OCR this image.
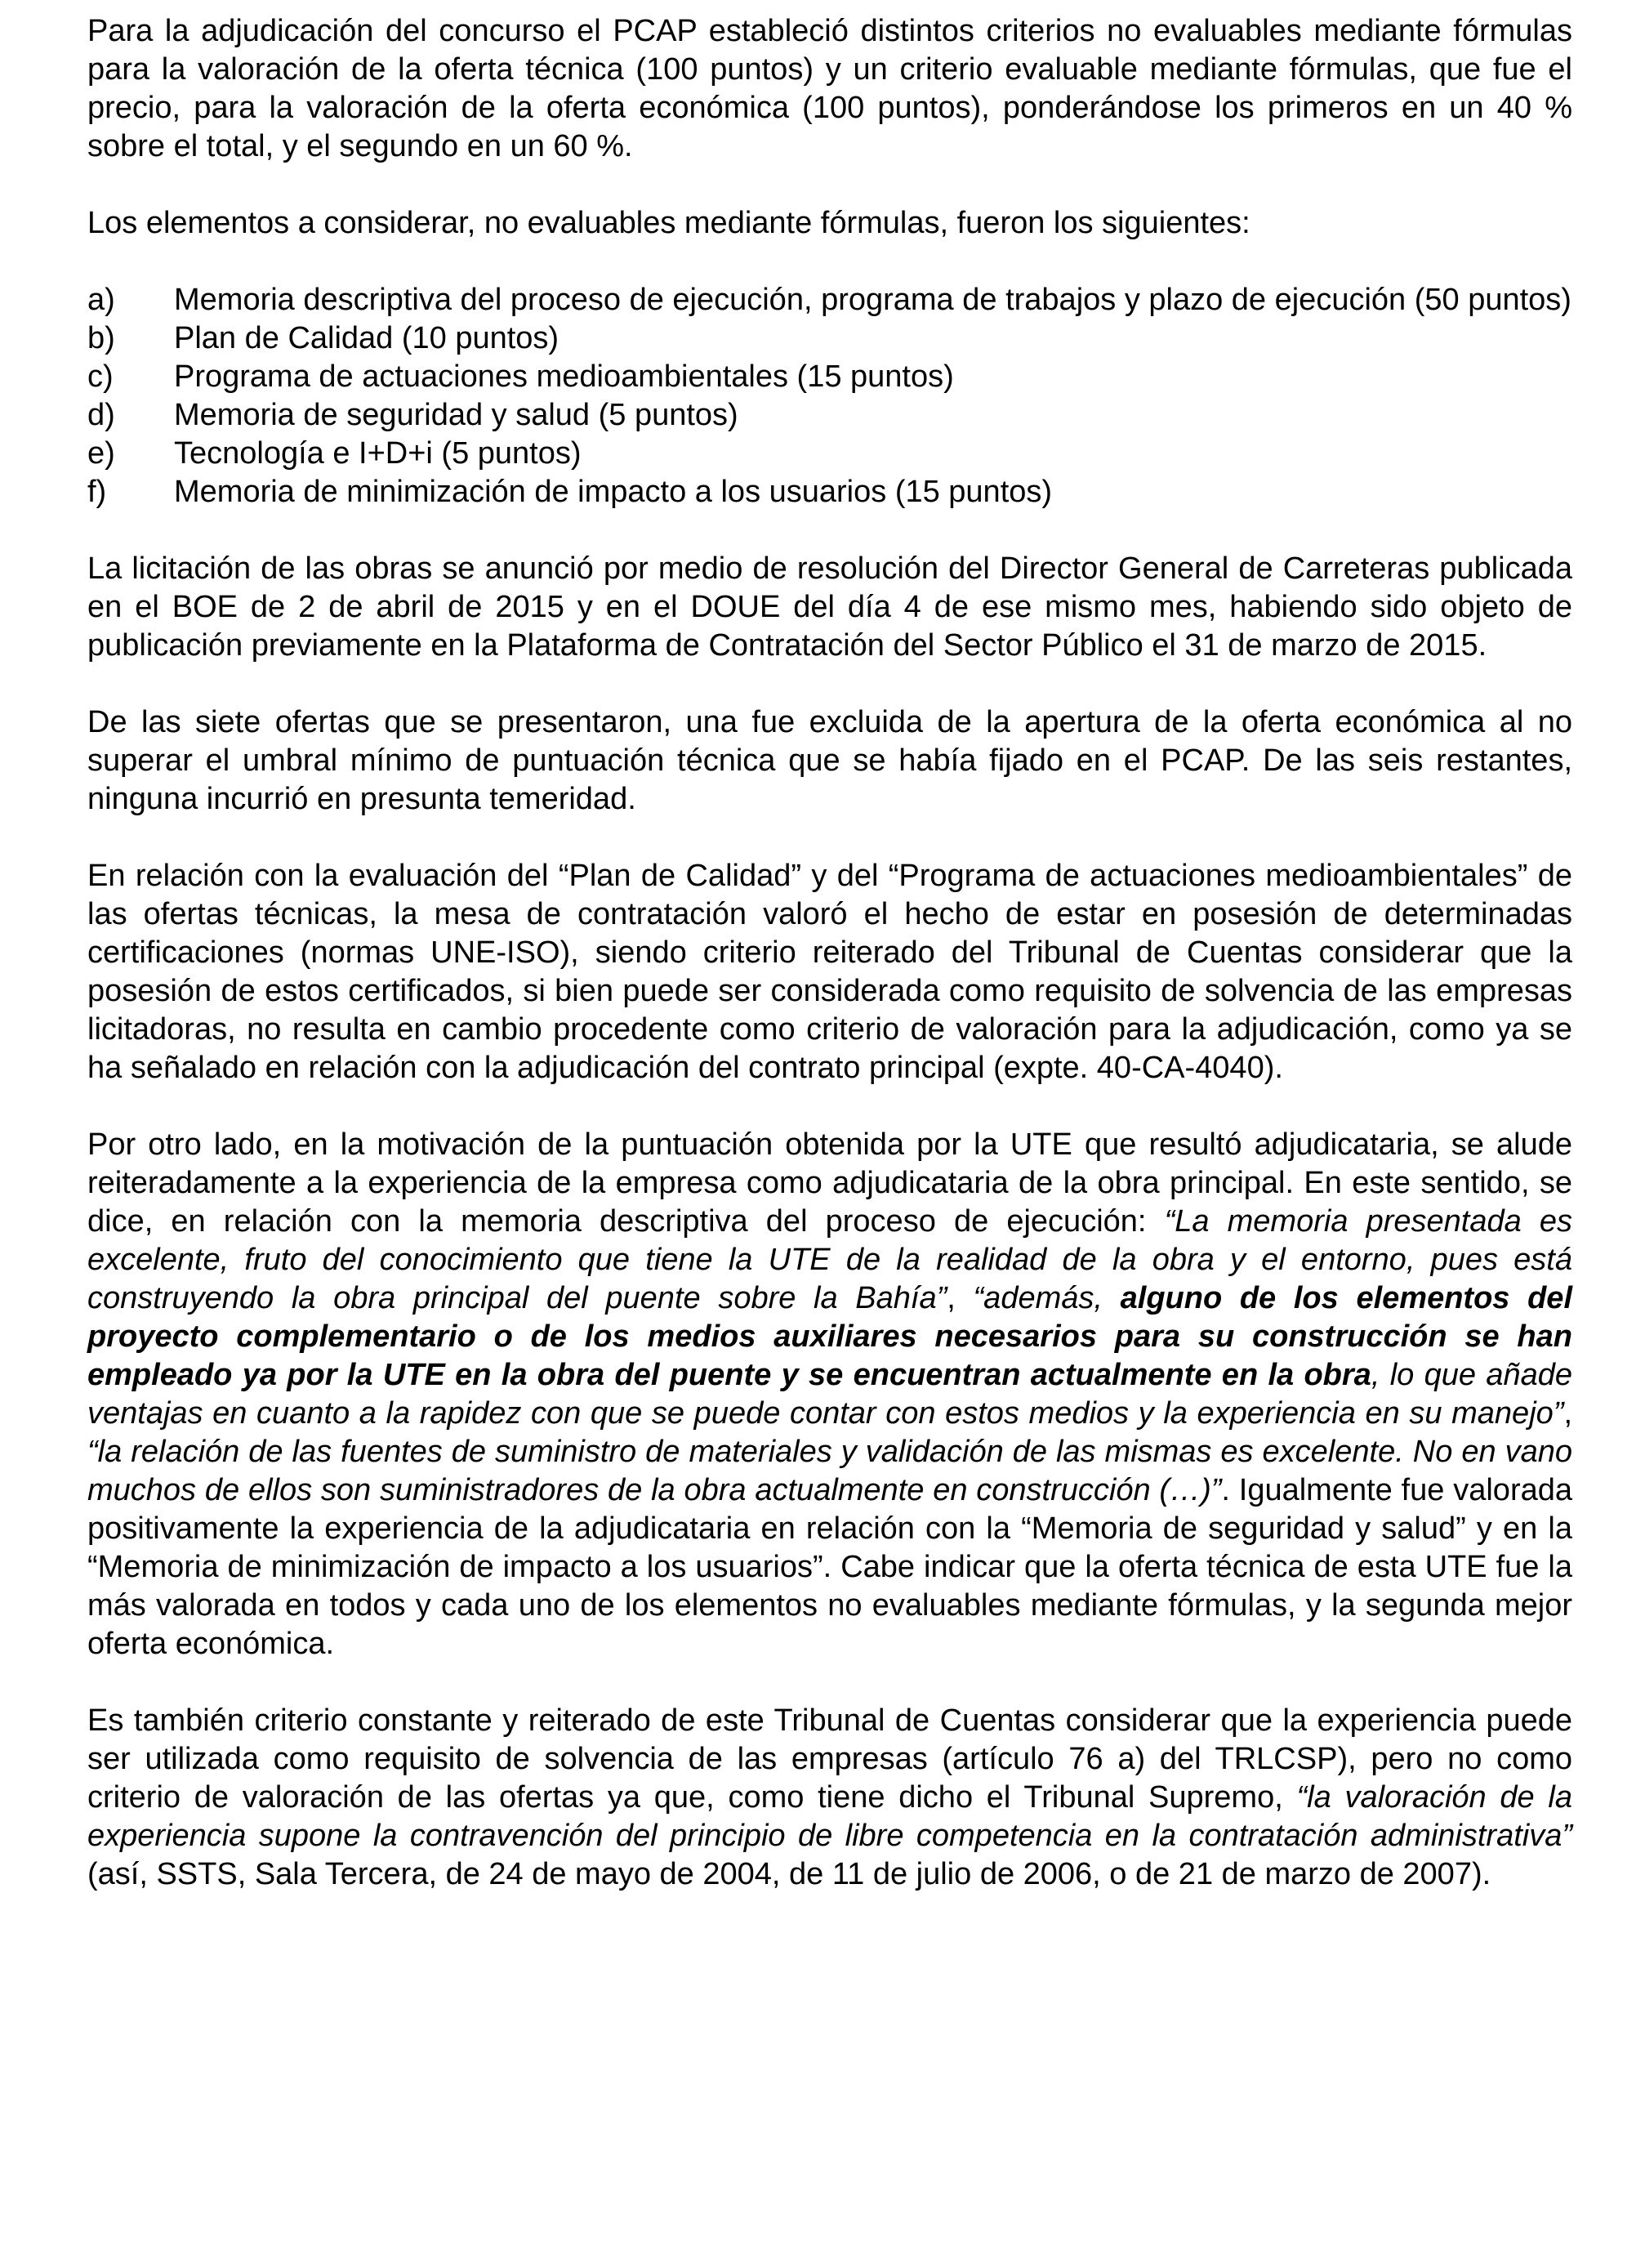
Para la adjudicación del concurso el PCAP estableció distintos criterios no evaluables mediante fórmulas para la valoración de la oferta técnica (100 puntos) y un criterio evaluable mediante fórmulas, que fue el precio, para la valoración de la oferta económica (100 puntos), ponderándose los primeros en un 40 % sobre el total, y el segundo en un 60 %.

Los elementos a considerar, no evaluables mediante fórmulas, fueron los siguientes:

a)	Memoria descriptiva del proceso de ejecución, programa de trabajos y plazo de ejecución (50 puntos)
b)	Plan de Calidad (10 puntos)
c)	Programa de actuaciones medioambientales (15 puntos)
d)	Memoria de seguridad y salud (5 puntos)
e)	Tecnología e I+D+i (5 puntos)
f)	Memoria de minimización de impacto a los usuarios (15 puntos)

La licitación de las obras se anunció por medio de resolución del Director General de Carreteras publicada en el BOE de 2 de abril de 2015 y en el DOUE del día 4 de ese mismo mes, habiendo sido objeto de publicación previamente en la Plataforma de Contratación del Sector Público el 31 de marzo de 2015.

De las siete ofertas que se presentaron, una fue excluida de la apertura de la oferta económica al no superar el umbral mínimo de puntuación técnica que se había fijado en el PCAP. De las seis restantes, ninguna incurrió en presunta temeridad.

En relación con la evaluación del “Plan de Calidad” y del “Programa de actuaciones medioambientales” de las ofertas técnicas, la mesa de contratación valoró el hecho de estar en posesión de determinadas certificaciones (normas UNE-ISO), siendo criterio reiterado del Tribunal de Cuentas considerar que la posesión de estos certificados, si bien puede ser considerada como requisito de solvencia de las empresas licitadoras, no resulta en cambio procedente como criterio de valoración para la adjudicación, como ya se ha señalado en relación con la adjudicación del contrato principal (expte. 40-CA-4040).

Por otro lado, en la motivación de la puntuación obtenida por la UTE que resultó adjudicataria, se alude reiteradamente a la experiencia de la empresa como adjudicataria de la obra principal. En este sentido, se dice, en relación con la memoria descriptiva del proceso de ejecución: “La memoria presentada es excelente, fruto del conocimiento que tiene la UTE de la realidad de la obra y el entorno, pues está construyendo la obra principal del puente sobre la Bahía”, “además, alguno de los elementos del proyecto complementario o de los medios auxiliares necesarios para su construcción se han empleado ya por la UTE en la obra del puente y se encuentran actualmente en la obra, lo que añade ventajas en cuanto a la rapidez con que se puede contar con estos medios y la experiencia en su manejo”, “la relación de las fuentes de suministro de materiales y validación de las mismas es excelente. No en vano muchos de ellos son suministradores de la obra actualmente en construcción (…)”. Igualmente fue valorada positivamente la experiencia de la adjudicataria en relación con la “Memoria de seguridad y salud” y en la “Memoria de minimización de impacto a los usuarios”. Cabe indicar que la oferta técnica de esta UTE fue la más valorada en todos y cada uno de los elementos no evaluables mediante fórmulas, y la segunda mejor oferta económica.

Es también criterio constante y reiterado de este Tribunal de Cuentas considerar que la experiencia puede ser utilizada como requisito de solvencia de las empresas (artículo 76 a) del TRLCSP), pero no como criterio de valoración de las ofertas ya que, como tiene dicho el Tribunal Supremo, “la valoración de la experiencia supone la contravención del principio de libre competencia en la contratación administrativa” (así, SSTS, Sala Tercera, de 24 de mayo de 2004, de 11 de julio de 2006, o de 21 de marzo de 2007).
